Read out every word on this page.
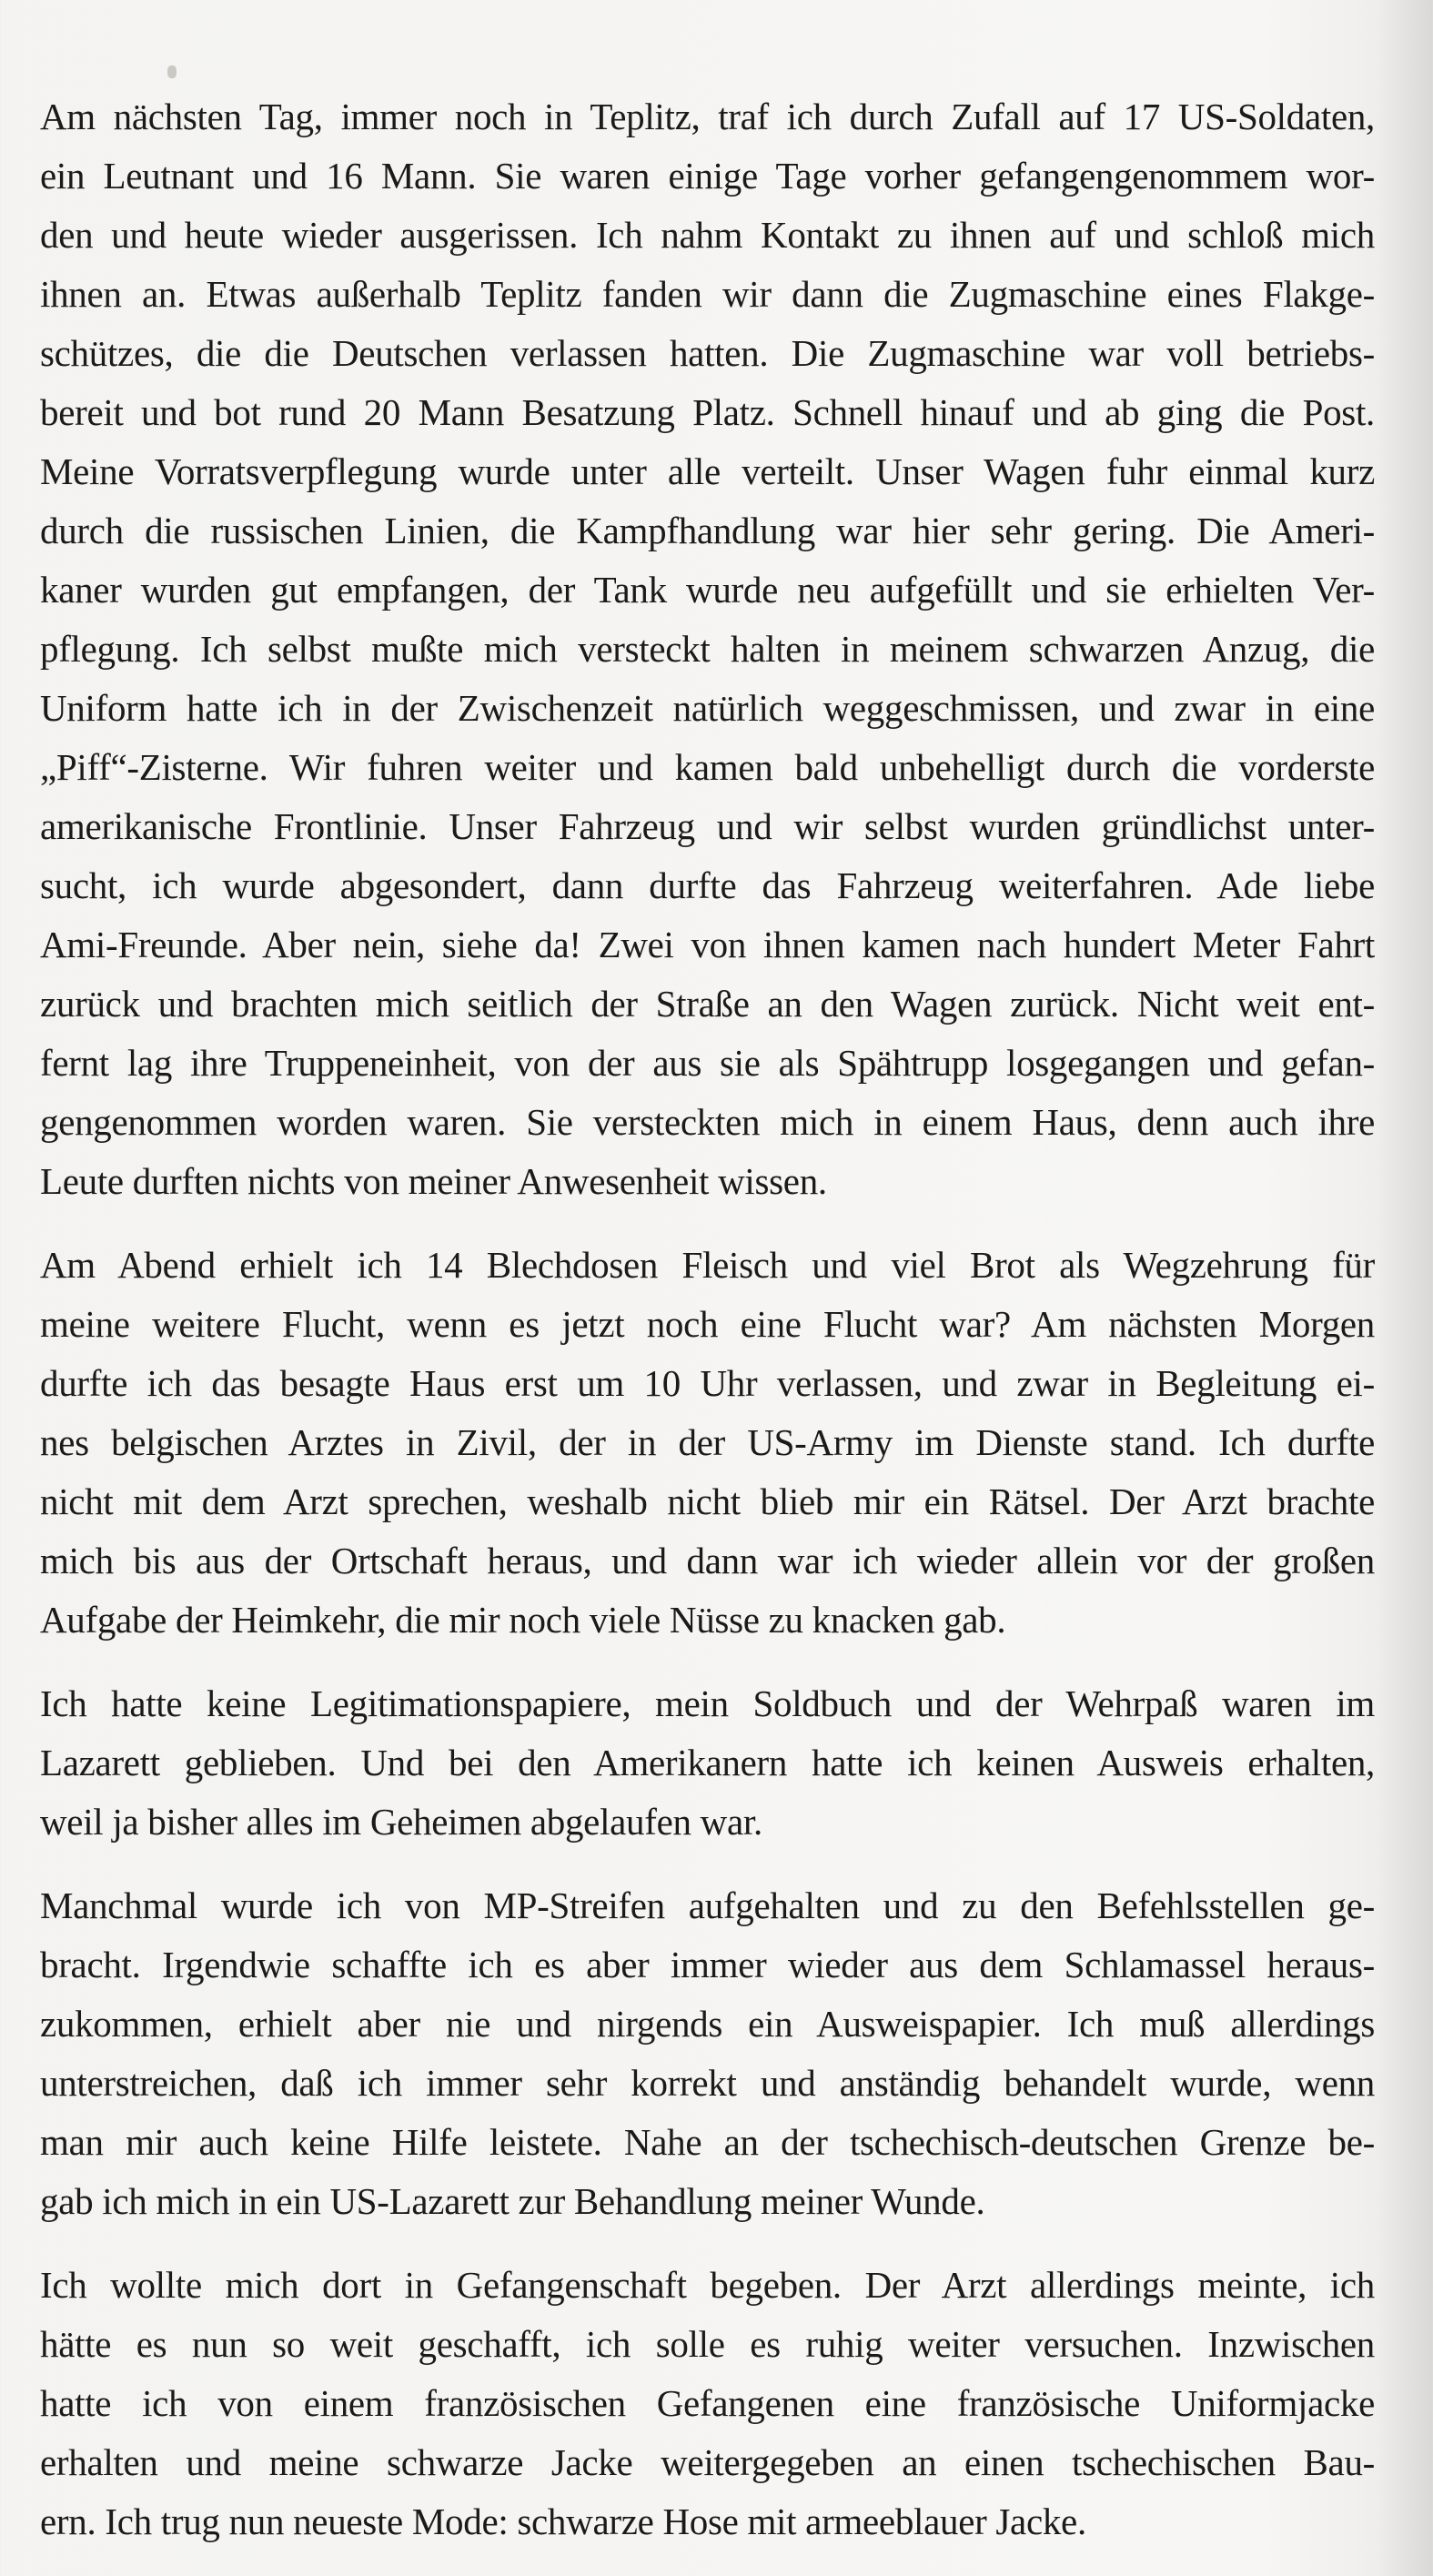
Am nächsten Tag, immer noch in Teplitz, traf ich durch Zufall auf 17 US-Soldaten,
ein Leutnant und 16 Mann. Sie waren einige Tage vorher gefangengenommem wor-
den und heute wieder ausgerissen. Ich nahm Kontakt zu ihnen auf und schloß mich
ihnen an. Etwas außerhalb Teplitz fanden wir dann die Zugmaschine eines Flakge-
schützes, die die Deutschen verlassen hatten. Die Zugmaschine war voll betriebs-
bereit und bot rund 20 Mann Besatzung Platz. Schnell hinauf und ab ging die Post.
Meine Vorratsverpflegung wurde unter alle verteilt. Unser Wagen fuhr einmal kurz
durch die russischen Linien, die Kampfhandlung war hier sehr gering. Die Ameri-
kaner wurden gut empfangen, der Tank wurde neu aufgefüllt und sie erhielten Ver-
pflegung. Ich selbst mußte mich versteckt halten in meinem schwarzen Anzug, die
Uniform hatte ich in der Zwischenzeit natürlich weggeschmissen, und zwar in eine
„Piff“-Zisterne. Wir fuhren weiter und kamen bald unbehelligt durch die vorderste
amerikanische Frontlinie. Unser Fahrzeug und wir selbst wurden gründlichst unter-
sucht, ich wurde abgesondert, dann durfte das Fahrzeug weiterfahren. Ade liebe
Ami-Freunde. Aber nein, siehe da! Zwei von ihnen kamen nach hundert Meter Fahrt
zurück und brachten mich seitlich der Straße an den Wagen zurück. Nicht weit ent-
fernt lag ihre Truppeneinheit, von der aus sie als Spähtrupp losgegangen und gefan-
gengenommen worden waren. Sie versteckten mich in einem Haus, denn auch ihre
Leute durften nichts von meiner Anwesenheit wissen.
Am Abend erhielt ich 14 Blechdosen Fleisch und viel Brot als Wegzehrung für
meine weitere Flucht, wenn es jetzt noch eine Flucht war? Am nächsten Morgen
durfte ich das besagte Haus erst um 10 Uhr verlassen, und zwar in Begleitung ei-
nes belgischen Arztes in Zivil, der in der US-Army im Dienste stand. Ich durfte
nicht mit dem Arzt sprechen, weshalb nicht blieb mir ein Rätsel. Der Arzt brachte
mich bis aus der Ortschaft heraus, und dann war ich wieder allein vor der großen
Aufgabe der Heimkehr, die mir noch viele Nüsse zu knacken gab.
Ich hatte keine Legitimationspapiere, mein Soldbuch und der Wehrpaß waren im
Lazarett geblieben. Und bei den Amerikanern hatte ich keinen Ausweis erhalten,
weil ja bisher alles im Geheimen abgelaufen war.
Manchmal wurde ich von MP-Streifen aufgehalten und zu den Befehlsstellen ge-
bracht. Irgendwie schaffte ich es aber immer wieder aus dem Schlamassel heraus-
zukommen, erhielt aber nie und nirgends ein Ausweispapier. Ich muß allerdings
unterstreichen, daß ich immer sehr korrekt und anständig behandelt wurde, wenn
man mir auch keine Hilfe leistete. Nahe an der tschechisch-deutschen Grenze be-
gab ich mich in ein US-Lazarett zur Behandlung meiner Wunde.
Ich wollte mich dort in Gefangenschaft begeben. Der Arzt allerdings meinte, ich
hätte es nun so weit geschafft, ich solle es ruhig weiter versuchen. Inzwischen
hatte ich von einem französischen Gefangenen eine französische Uniformjacke
erhalten und meine schwarze Jacke weitergegeben an einen tschechischen Bau-
ern. Ich trug nun neueste Mode: schwarze Hose mit armeeblauer Jacke.
